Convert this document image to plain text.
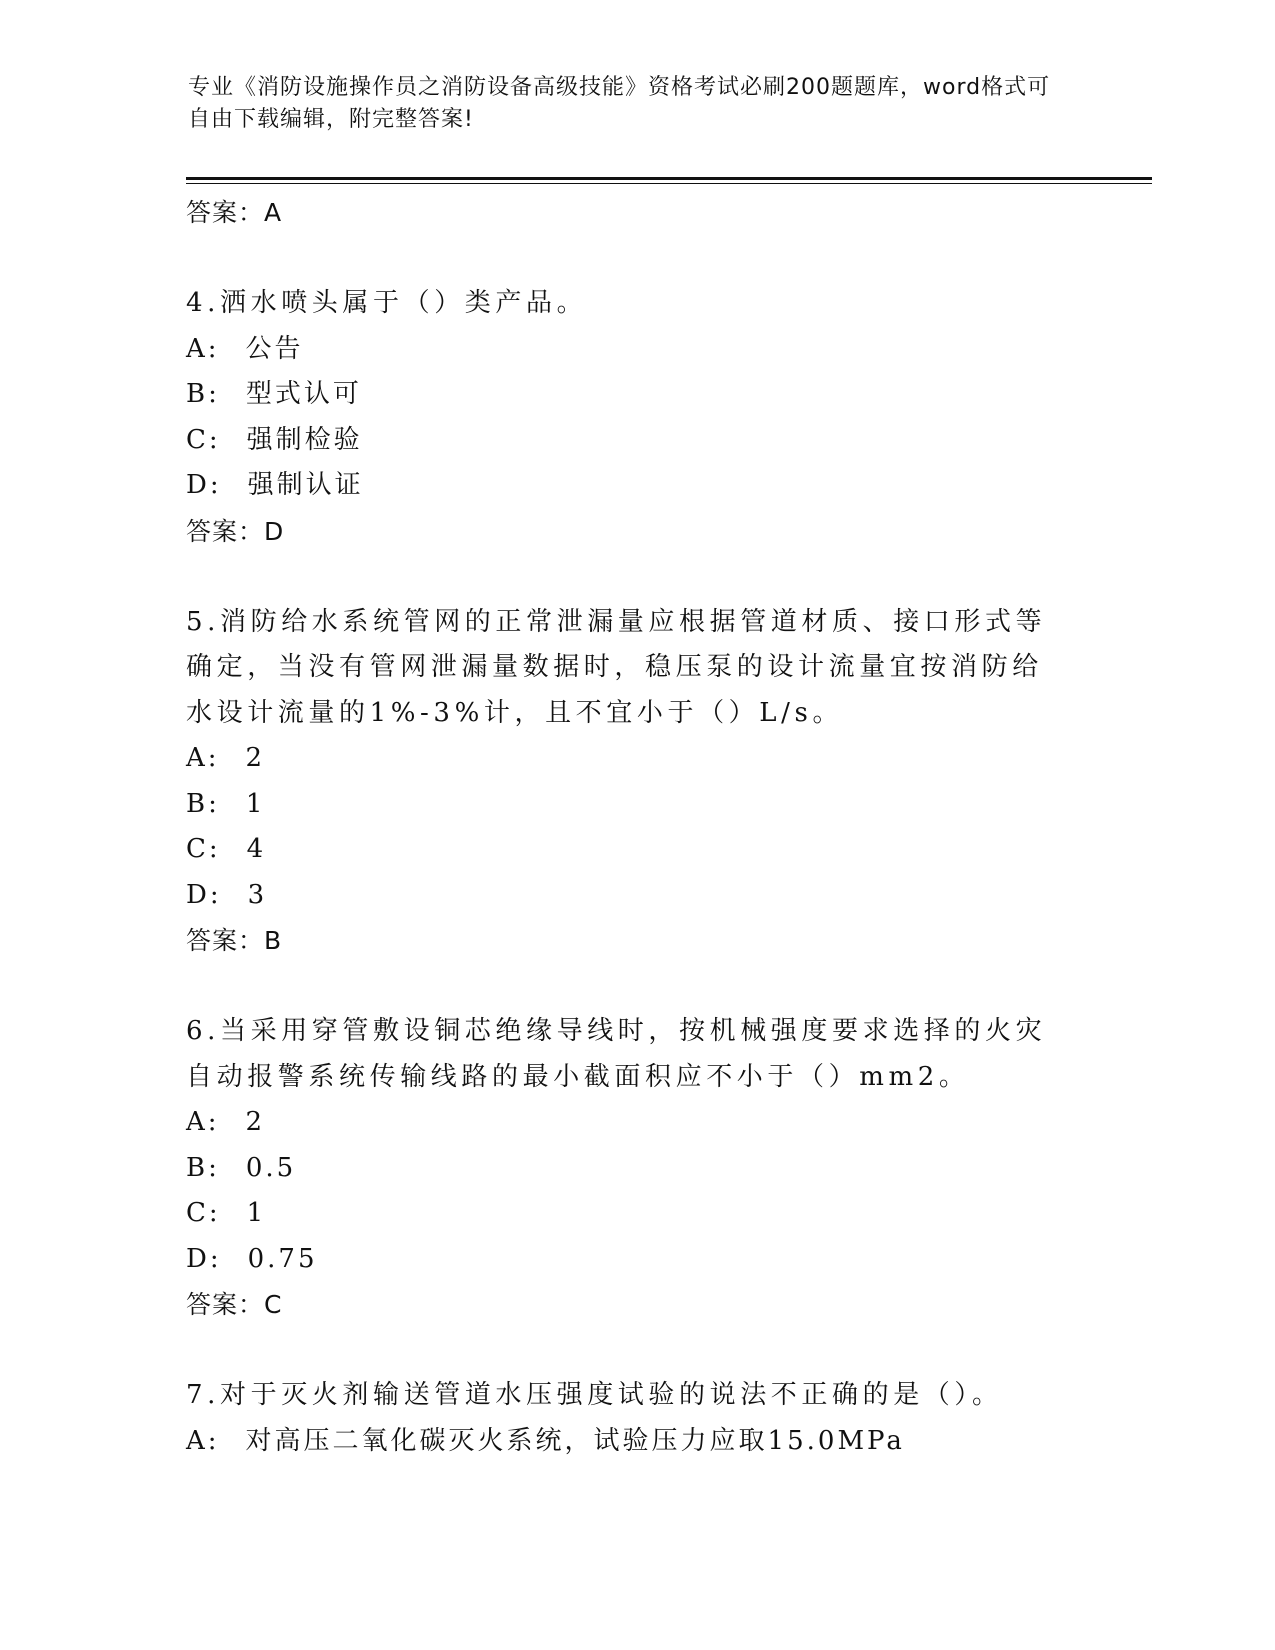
专业《消防设施操作员之消防设备高级技能》资格考试必刷200题题库，word格式可自由下载编辑，附完整答案!
答案：A
4.洒水喷头属于（）类产品。
A: 公告
B: 型式认可
C: 强制检验
D: 强制认证
答案：D
5.消防给水系统管网的正常泄漏量应根据管道材质、接口形式等确定，当没有管网泄漏量数据时，稳压泵的设计流量宜按消防给水设计流量的1%-3%计，且不宜小于（）L/s。
A: 2
B: 1
C: 4
D: 3
答案：B
6.当采用穿管敷设铜芯绝缘导线时，按机械强度要求选择的火灾自动报警系统传输线路的最小截面积应不小于（）mm2。
A: 2
B: 0.5
C: 1
D: 0.75
答案：C
7.对于灭火剂输送管道水压强度试验的说法不正确的是（）。
A: 对高压二氧化碳灭火系统，试验压力应取15.0MPa
